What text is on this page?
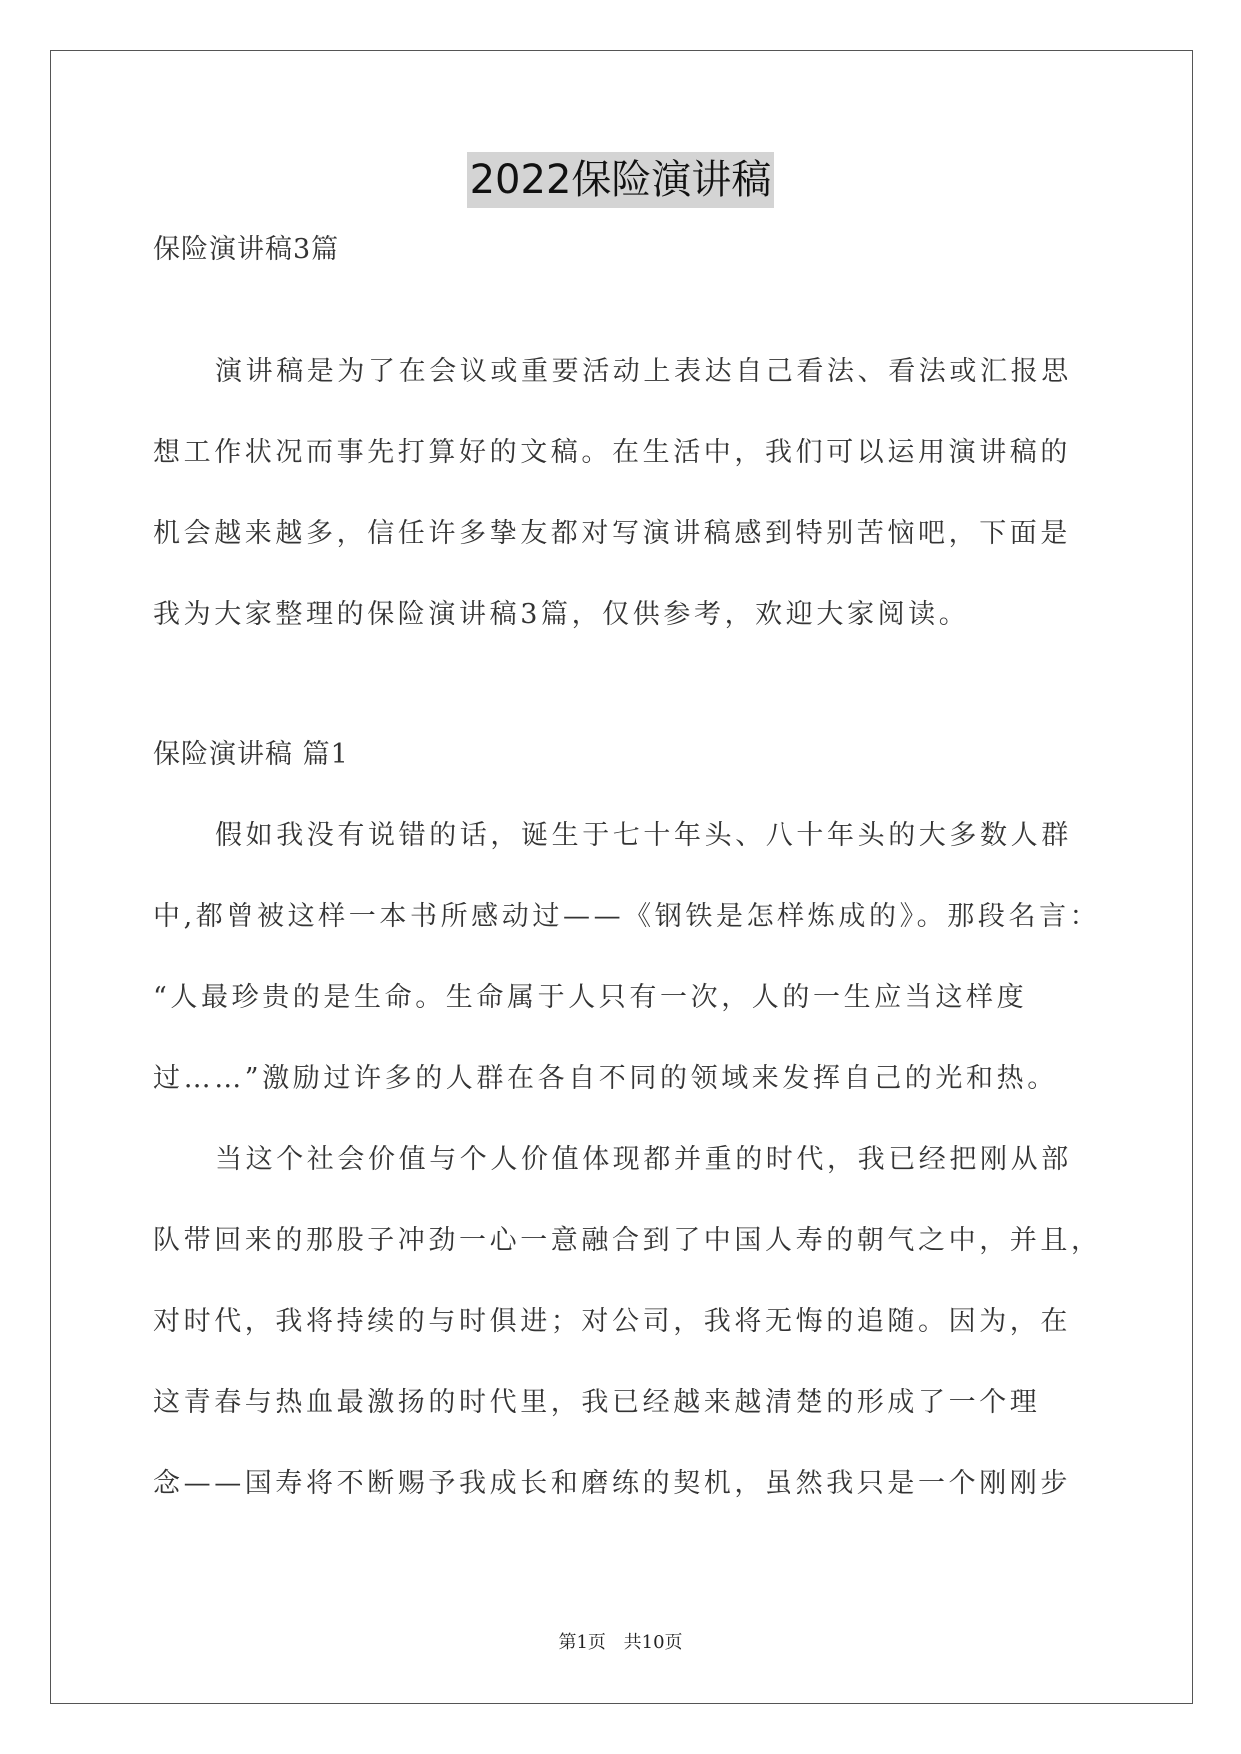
2022保险演讲稿

保险演讲稿3篇

演讲稿是为了在会议或重要活动上表达自己看法、看法或汇报思

想工作状况而事先打算好的文稿。在生活中，我们可以运用演讲稿的

机会越来越多，信任许多挚友都对写演讲稿感到特别苦恼吧，下面是

我为大家整理的保险演讲稿3篇，仅供参考，欢迎大家阅读。

保险演讲稿 篇1

假如我没有说错的话，诞生于七十年头、八十年头的大多数人群

中,都曾被这样一本书所感动过——《钢铁是怎样炼成的》。那段名言：

“人最珍贵的是生命。生命属于人只有一次，人的一生应当这样度

过……”激励过许多的人群在各自不同的领域来发挥自己的光和热。

当这个社会价值与个人价值体现都并重的时代，我已经把刚从部

队带回来的那股子冲劲一心一意融合到了中国人寿的朝气之中，并且，

对时代，我将持续的与时俱进；对公司，我将无悔的追随。因为，在

这青春与热血最激扬的时代里，我已经越来越清楚的形成了一个理

念——国寿将不断赐予我成长和磨练的契机，虽然我只是一个刚刚步

第1页 共10页
